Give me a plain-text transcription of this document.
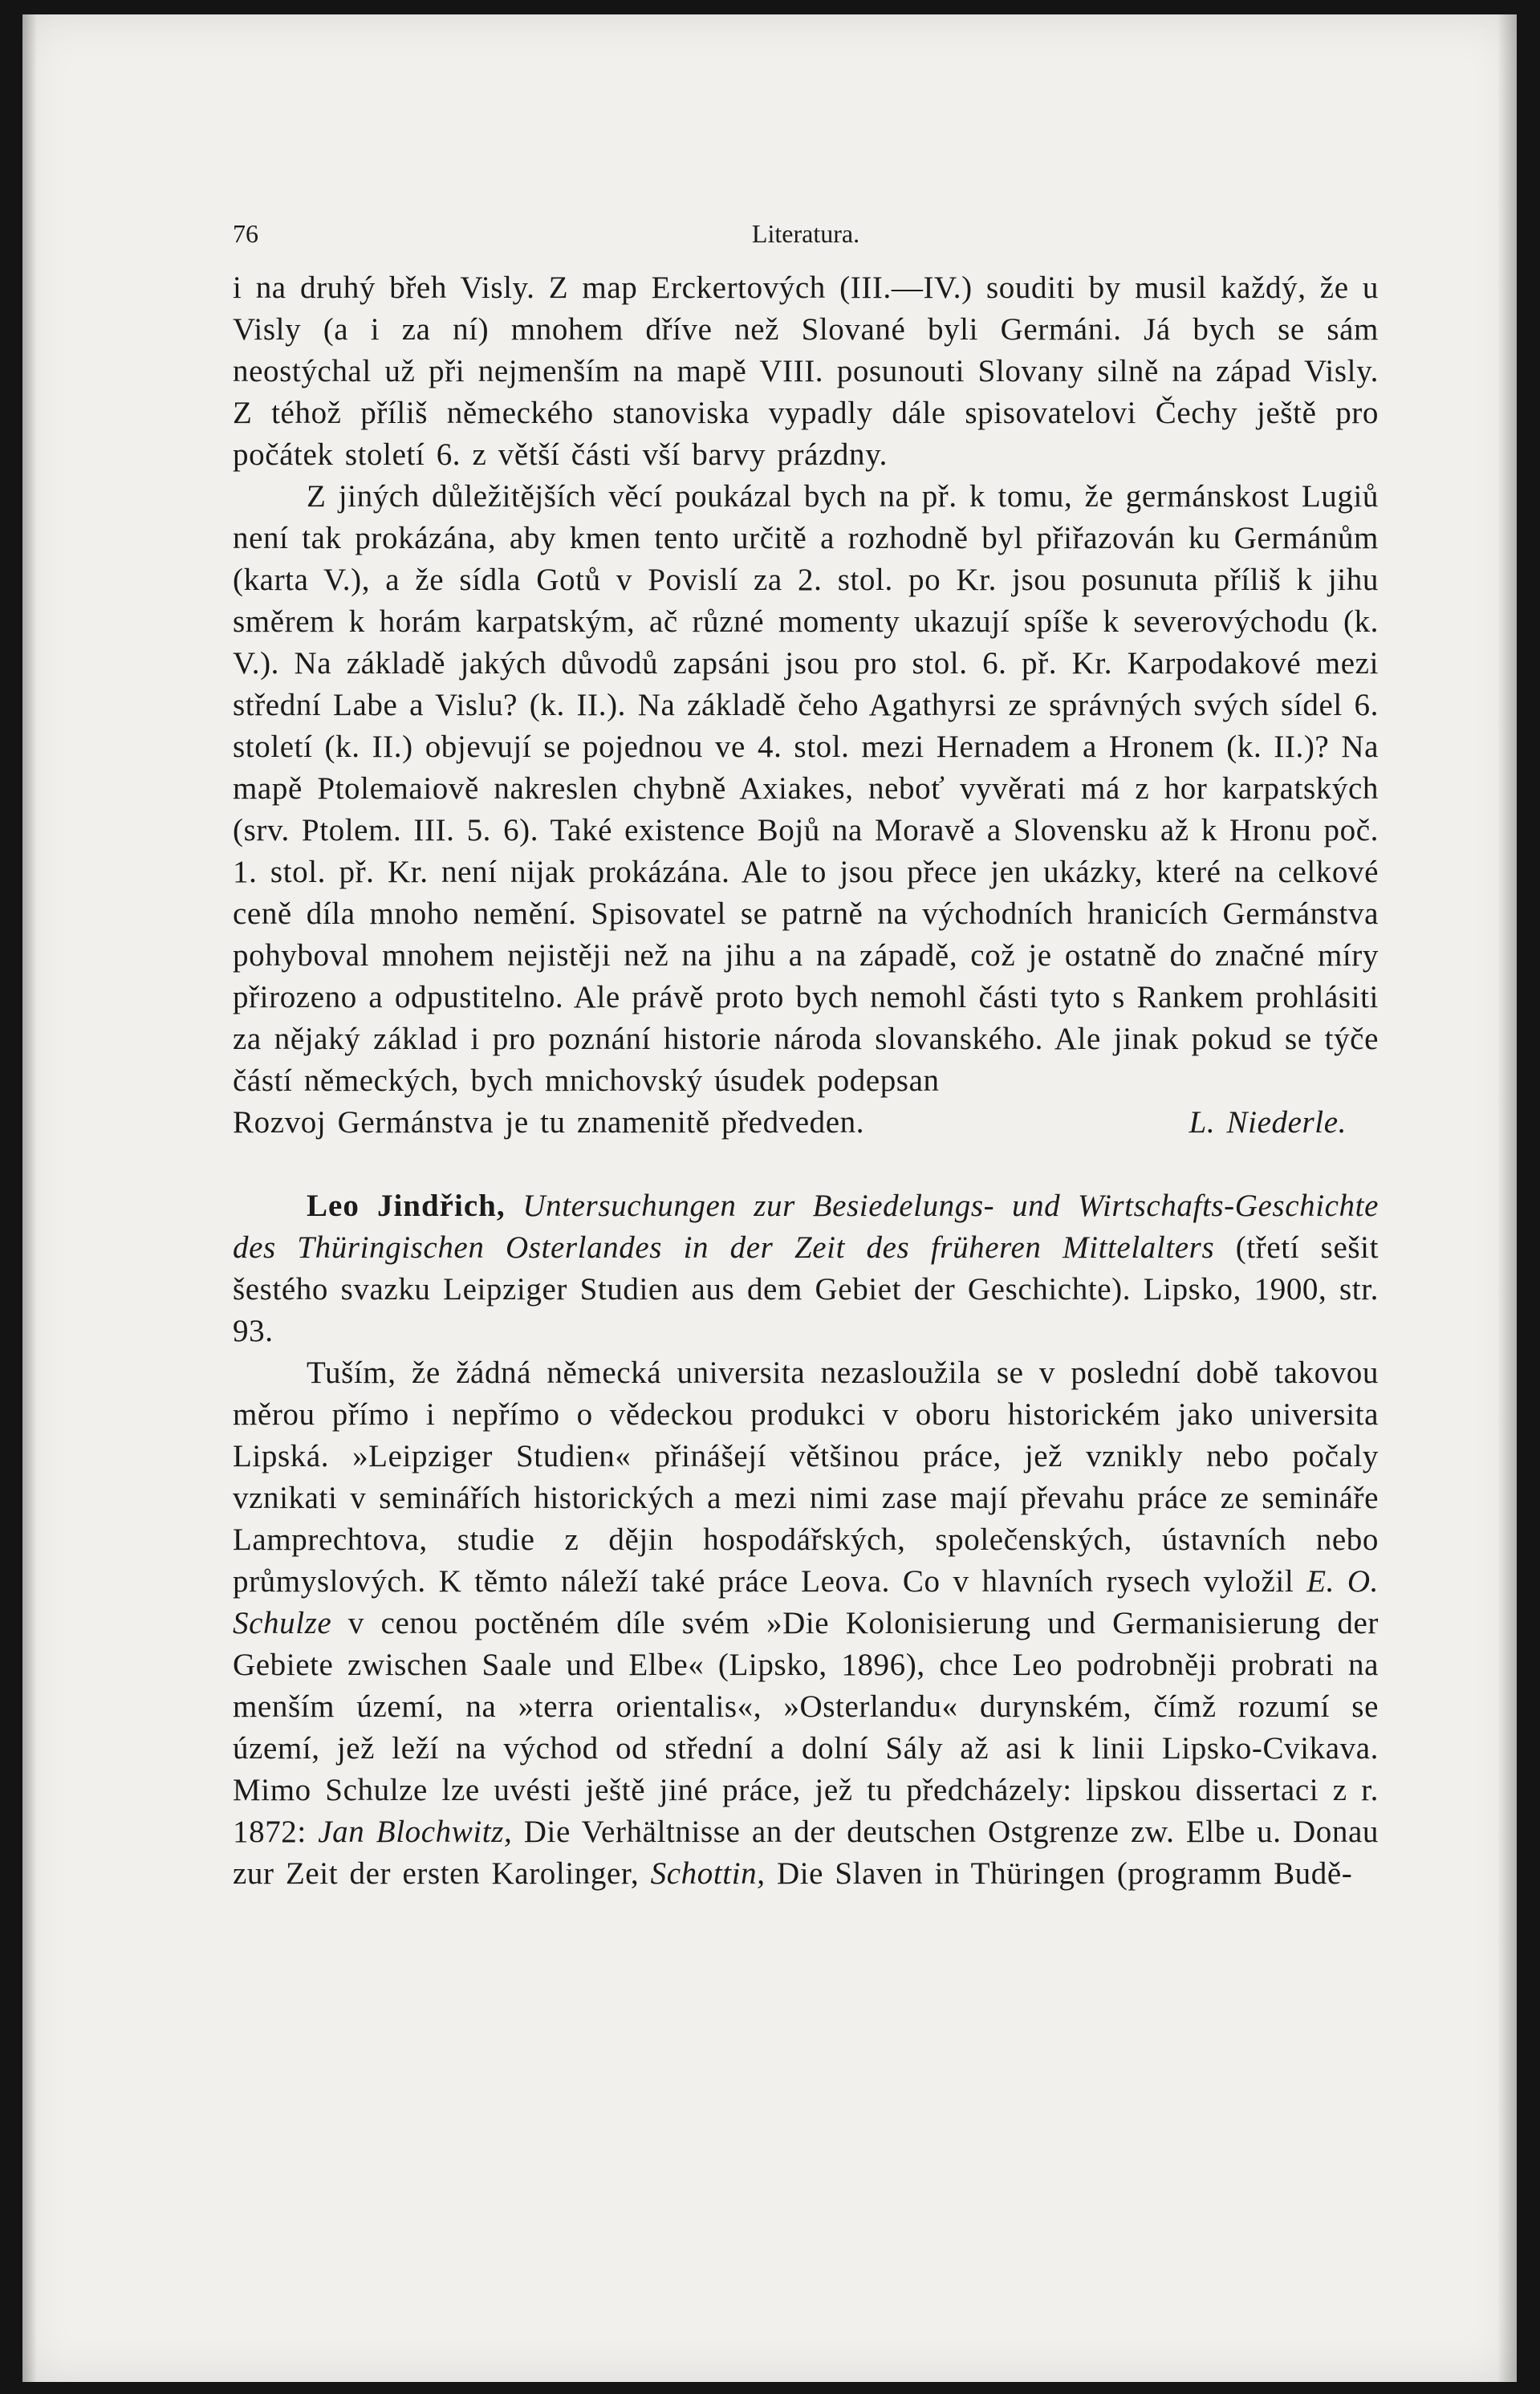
76	Literatura.

i na druhý břeh Visly. Z map Erckertových (III.—IV.) souditi by musil každý, že u Visly (a i za ní) mnohem dříve než Slované byli Germáni. Já bych se sám neostýchal už při nejmenším na mapě VIII. posunouti Slovany silně na západ Visly. Z téhož příliš německého stanoviska vypadly dále spisovatelovi Čechy ještě pro počátek století 6. z větší části vší barvy prázdny.

Z jiných důležitějších věcí poukázal bych na př. k tomu, že germánskost Lugiů není tak prokázána, aby kmen tento určitě a rozhodně byl přiřazován ku Germánům (karta V.), a že sídla Gotů v Povislí za 2. stol. po Kr. jsou posunuta příliš k jihu směrem k horám karpatským, ač různé momenty ukazují spíše k severovýchodu (k. V.). Na základě jakých důvodů zapsáni jsou pro stol. 6. př. Kr. Karpodakové mezi střední Labe a Vislu? (k. II.). Na základě čeho Agathyrsi ze správných svých sídel 6. století (k. II.) objevují se pojednou ve 4. stol. mezi Hernadem a Hronem (k. II.)? Na mapě Ptolemaiově nakreslen chybně Axiakes, neboť vyvěrati má z hor karpatských (srv. Ptolem. III. 5. 6). Také existence Bojů na Moravě a Slovensku až k Hronu poč. 1. stol. př. Kr. není nijak prokázána. Ale to jsou přece jen ukázky, které na celkové ceně díla mnoho nemění. Spisovatel se patrně na východních hranicích Germánstva pohyboval mnohem nejistěji než na jihu a na západě, což je ostatně do značné míry přirozeno a odpustitelno. Ale právě proto bych nemohl části tyto s Rankem prohlásiti za nějaký základ i pro poznání historie národa slovanského. Ale jinak pokud se týče částí německých, bych mnichovský úsudek podepsan

Rozvoj Germánstva je tu znamenitě předveden.	L. Niederle.

Leo Jindřich, Untersuchungen zur Besiedelungs- und Wirtschafts-Geschichte des Thüringischen Osterlandes in der Zeit des früheren Mittelalters (třetí sešit šestého svazku Leipziger Studien aus dem Gebiet der Geschichte). Lipsko, 1900, str. 93.

Tuším, že žádná německá universita nezasloužila se v poslední době takovou měrou přímo i nepřímo o vědeckou produkci v oboru historickém jako universita Lipská. »Leipziger Studien« přinášejí většinou práce, jež vznikly nebo počaly vznikati v seminářích historických a mezi nimi zase mají převahu práce ze semináře Lamprechtova, studie z dějin hospodářských, společenských, ústavních nebo průmyslových. K těmto náleží také práce Leova. Co v hlavních rysech vyložil E. O. Schulze v cenou poctěném díle svém »Die Kolonisierung und Germanisierung der Gebiete zwischen Saale und Elbe« (Lipsko, 1896), chce Leo podrobněji probrati na menším území, na »terra orientalis«, »Osterlandu« durynském, čímž rozumí se území, jež leží na východ od střední a dolní Sály až asi k linii Lipsko-Cvikava. Mimo Schulze lze uvésti ještě jiné práce, jež tu předcházely: lipskou dissertaci z r. 1872: Jan Blochwitz, Die Verhältnisse an der deutschen Ostgrenze zw. Elbe u. Donau zur Zeit der ersten Karolinger, Schottin, Die Slaven in Thüringen (programm Budě-
